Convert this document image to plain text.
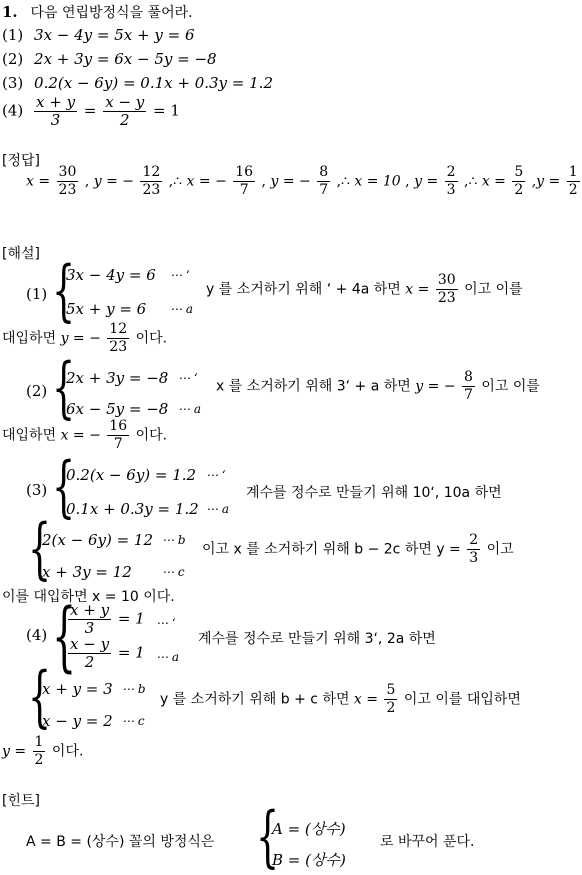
1. 다음 연립방정식을 풀어라.
(1) 3x − 4y = 5x + y = 6
(2) 2x + 3y = 6x − 5y = −8
(3) 0.2(x − 6y) = 0.1x + 0.3y = 1.2
$(4) \frac{x + y}{3} = \frac{x - y}{2} = 1$
[정답]
$x = \frac{30}{23}$ , y = − $\frac{12}{23}$ ,∴ x = − $\frac{16}{7}$ , y = − $\frac{8}{7}$ ,∴ x = 10 , $y = \frac{2}{3}$ ,∴ $x = \frac{5}{2} ,y = \frac{1}{2}$
[해설]
(1) {
3x − 4y = 6 ⋯ ‘
5x + y = 6 ⋯ a
y 를 소거하기 위해 ‘ + 4a 하면 $x = \frac{30}{23}$ 이고 이를
대입하면 y = − $\frac{12}{23}$ 이다.
(2) {
2x + 3y = −8 ⋯ ‘
6x − 5y = −8 ⋯ a
x 를 소거하기 위해 3‘ + a 하면 y = − $\frac{8}{7}$ 이고 이를
대입하면 x = − $\frac{16}{7}$ 이다.
(3) {
0.2(x − 6y) = 1.2 ⋯ ‘
0.1x + 0.3y = 1.2 ⋯ a
계수를 정수로 만들기 위해 10‘, 10a 하면
{
2(x − 6y) = 12 ⋯ b
x + 3y = 12	⋯ c
이고 x 를 소거하기 위해 b − 2c 하면 $y = \frac{2}{3}$ 이고
이를 대입하면 x = 10 이다.
(4) {
$\frac{x + y}{3} = 1$ ⋯ ‘
$\frac{x - y}{2} = 1$ ⋯ a
계수를 정수로 만들기 위해 3‘, 2a 하면
{
x + y = 3 ⋯ b
x − y = 2 ⋯ c
y 를 소거하기 위해 b + c 하면 $x = \frac{5}{2}$ 이고 이를 대입하면
$y = \frac{1}{2}$ 이다.
[힌트]
A = B = (상수) 꼴의 방정식은 {
A = (상수)
B = (상수)
로 바꾸어 푼다.
